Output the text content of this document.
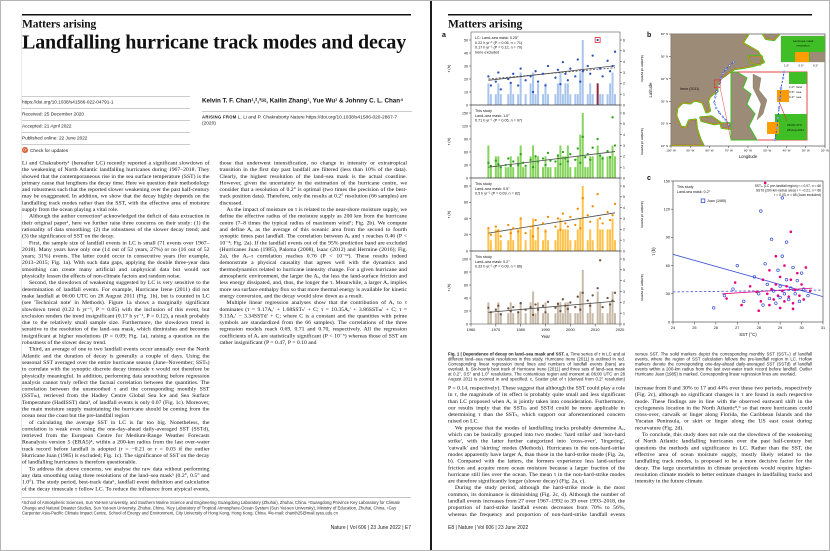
Matters arising
Landfalling hurricane track modes and decay
https://doi.org/10.1038/s41586-022-04791-1
Received: 25 December 2020
Accepted: 21 April 2022
Published online: 22 June 2022
⟳ Check for updates
Kelvin T. F. Chan¹,²,³✉, Kailin Zhang¹, Yue Wu¹ & Johnny C. L. Chan⁴
ARISING FROM L. Li and P. Chakraborty Nature https://doi.org/10.1038/s41586-020-2867-7 (2020)

Li and Chakraborty¹ (hereafter LC) recently reported a significant slowdown of the weakening of North Atlantic landfalling hurricanes during 1967–2018. They showed that the contemporaneous rise in the sea surface temperature (SST) is the primary cause that lengthens the decay time. Here we question their methodology and robustness such that the reported slower weakening over the past half-century may be exaggerated. In addition, we show that the decay highly depends on the landfalling track modes rather than the SST, with the effective area of moisture supply from the ocean playing a vital role.

Although the author correction² acknowledged the deficit of data extraction in their original paper¹, here we further raise three concerns on their study: (1) the rationality of data smoothing; (2) the robustness of the slower decay trend; and (3) the significance of SST on the decay.

First, the sample size of landfall events in LC is small (71 events over 1967–2018). Many years have only one (14 out of 52 years, 27%) or no (16 out of 52 years; 31%) events. The latter could occur in consecutive years (for example, 2013–2015; Fig. 1a). With such data gaps, applying the double three-year data smoothing can create many artificial and unphysical data but would not physically lessen the effects of non-climate factors and random noise.

Second, the slowdown of weakening suggested by LC is very sensitive to the determination of landfall events. For example, Hurricane Irene (2011) did not make landfall at 06:00 UTC on 28 August 2011 (Fig. 1b), but is counted in LC (see 'Technical note' in Methods). Figure 1a shows a marginally significant slowdown trend (0.22 h yr⁻¹, P = 0.05) with the inclusion of this event, but exclusion renders the trend insignificant (0.17 h yr⁻¹, P = 0.12), a result probably due to the relatively small sample size. Furthermore, the slowdown trend is sensitive to the resolution of the land–sea mask, which diminishes and becomes insignificant at higher resolutions (P = 0.09; Fig. 1a), raising a question on the robustness of the slower decay trend.

Third, an average of one to two landfall events occur annually over the North Atlantic and the duration of decay is generally a couple of days. Using the seasonal SST averaged over the entire hurricane season (June–November; SSTₛ) to correlate with the synoptic discrete decay timescale τ would not therefore be physically meaningful. In addition, performing data smoothing before regression analysis cannot truly reflect the factual correlation between the quantities. The correlation between the unsmoothed τ and the corresponding monthly SST (SSTₘ), retrieved from the Hadley Centre Global Sea Ice and Sea Surface Temperature (HadISST) data³, of landfall events is only 0.07 (Fig. 1c). Moreover, the main moisture supply maintaining the hurricane should be coming from the ocean near the coast but the pre-landfall region

of calculating the average SST in LC is far too big. Nonetheless, the correlation is weak even using the one-day-ahead daily-averaged SST (SSTd), retrieved from the European Centre for Medium-Range Weather Forecasts Reanalysis version 5 (ERA5)⁴, within a 200-km radius from the last over-water track record before landfall is adopted (r = −0.21 or r = 0.03 if the outlier Hurricane Juan (1985) is excluded; Fig. 1c). The significance of SST on the decay of landfalling hurricanes is therefore questionable.

To address the above concerns, we analyse the raw data without performing any data smoothing using three resolutions of the land–sea mask⁵ (0.2°, 0.5° and 1.0°). The study period, best-track data⁶, landfall event definition and calculation of the decay timescale τ follow LC. To reduce the influence from atypical events, those that underwent intensification, no change in intensity or extratropical transition in the first day past landfall are filtered (less than 10% of the data). Clearly, the highest resolution of the land–sea mask is the actual coastline. However, given the uncertainty in the estimation of the hurricane centre, we consider that a resolution of 0.2° is optimal (two times the precision of the best-track position data). Therefore, only the results at 0.2° resolution (66 samples) are discussed.

As the impact of moisture on τ is related to the near-shore moisture supply, we define the effective radius of the moisture supply as 200 km from the hurricane centre (7–8 times the typical radius of maximum wind⁷; Fig. 2b). We compute and define Aₑ as the average of this oceanic area from the second to fourth synoptic times past landfall. The correlation between Aₑ and τ reaches 0.46 (P < 10⁻⁴; Fig. 2a). If the landfall events out of the 95% prediction band are excluded (Hurricanes Juan (1985), Paloma (2008), Isaac (2012) and Hermine (2016); Fig. 2a), the Aₑ–τ correlation reaches 0.76 (P < 10⁻¹²). These results indeed demonstrate a physical causality that agrees well with the dynamics and thermodynamics related to hurricane intensity change. For a given hurricane and atmospheric environment, the larger the Aₑ, the less the land-surface friction and less energy dissipated, and, thus, the longer the τ. Meanwhile, a larger Aₑ implies more sea surface enthalpy flux so that more thermal energy is available for kinetic energy conversion, and the decay would slow down as a result.

Multiple linear regression analyses show that the contribution of Aₑ to τ dominates (τ = 9.17Aₑ′ + 1.68SSTₛ′ + C; τ = 10.35Aₑ′ + 3.86SSTₘ′ + C; τ = 9.13Aₑ′ − 3.34SSTd′ + C; where C is a constant and the quantities with prime symbols are standardized from the 66 samples). The correlations of the three regression models reach 0.69, 0.71 and 0.70, respectively. All the regression coefficients of Aₑ are statistically significant (P < 10⁻⁵) whereas those of SST are rather insignificant (P = 0.47, P = 0.10 and

¹School of Atmospheric Sciences, Sun Yat-sen University, and Southern Marine Science and Engineering Guangdong Laboratory (Zhuhai), Zhuhai, China. ²Guangdong Province Key Laboratory for Climate Change and Natural Disaster Studies, Sun Yat-sen University, Zhuhai, China. ³Key Laboratory of Tropical Atmosphere-Ocean System (Sun Yat-sen University), Ministry of Education, Zhuhai, China. ⁴Guy Carpenter Asia-Pacific Climate Impact Centre, School of Energy and Environment, City University of Hong Kong, Hong Kong, China. ✉e-mail: chanth25@mail.sysu.edu.cn
Nature | Vol 606 | 23 June 2022 | E7
Matters arising
a
0
10
20
30
40
50
0
1
2
3
4
5
6
LC: Land–sea mask: 0.25°
0.22 h yr⁻¹ (P = 0.05, n = 71)
0.17 h yr⁻¹ (P = 0.12, n = 70)
Irene excluded
τ (h)	Number of events
0
30
60
90
120
150
0
1
2
3
4
5
6
This study
Land–sea mask: 1.0°
0.71 h yr⁻¹ (P = 0.05, n = 97)
τ (h)	Number of events
0
20
40
60
80
0
1
2
3
4
5
6
This study
Land–sea mask: 0.5°
0.5 h yr⁻¹ (P = 0.09, n = 82)
τ (h)	Number of events
0
20
40
60
80
100
0
1
2
3
4
5
6
This study
Land–sea mask: 0.2°
0.33 h yr⁻¹ (P = 0.09, n = 66)
τ (h)	Number of events
1960	1970	1980	1990	2000	2010	2020
Year
b
Irene (2011)	1.0°: land
0.5°: sea
0.2°: sea
06:00 UTC
28 Aug 2011
Land-sea mask
resolution
1.0°	0.5°	0.2°
100° W	90° W	80° W	70° W	60° W	50° W	40° W	30° W	20° W
10° N
20° N
30° N
40° N
50° N
60° N
Longitude
Latitude
c
Juan (1985)
This study
Land-sea mask: 0.2°
SSTₘ (LC pre-landfall region) r = 0.07, n = 66
SSTd (200-km-radius area) r = −0.21, n = 66
r = 0.03, n = 65 (Juan excluded)
24	25	26	27	28	29	30	31
0
30
60
90
120
150
SST (°C)
τ (h)
Fig. 1 | Dependence of decay on land–sea mask and SST. a, Time series of τ in LC and at different land–sea mask resolutions in this study. Hurricane Irene (2011) is outlined in red. Corresponding linear regression trend lines and numbers of landfall events (bars) are overlaid. b, Six-hourly best track of Hurricane Irene (2011) and three sets of land–sea mask at 0.2°, 0.5° and 1.0° resolutions. The contentious region and moment at 06:00 UTC on 28 August 2011 is zoomed in and specified. c, Scatter plot of τ (derived from 0.2° resolution) versus SST. The solid markers depict the corresponding monthly SST (SSTₘ) of landfall events, where the region of SST calculation follows the pre-landfall region in LC. Hollow markers denote the corresponding one-day-ahead daily-averaged SST (SSTd) of landfall events within a 200-km radius from the last over-water track record before landfall. Outlier Hurricane Juan (1985) is marked. Corresponding linear regression lines are overlaid.

P = 0.14, respectively). These suggest that although the SST could play a role in τ, the magnitude of its effect is probably quite small and less significant than LC proposed when Aₑ is jointly taken into consideration. Furthermore, our results imply that the SSTₘ and SSTd could be more applicable in determining τ than the SSTₛ, which support our aforementioned concern raised on LC.

We propose that the modes of landfalling tracks probably determine Aₑ, which can be basically grouped into two modes: 'hard strike' and 'non-hard strike', with the latter further categorized into 'cross-over', 'lingering', 'catwalk' and 'skirting' modes (Methods). Hurricanes in the non-hard-strike modes apparently have larger Aₑ than those in the hard-strike mode (Fig. 2a, b). Compared with the latters, the formers experience less land-surface friction and acquire more ocean moisture because a larger fraction of the hurricane still lies over the ocean. The mean τ in the non-hard-strike modes are therefore significantly longer (slower decay) (Fig. 2a, c).

During the study period, although the hard-strike mode is the most common, its dominance is diminishing (Fig. 2c, d). Although the number of landfall events increases from 27 over 1967–1992 to 39 over 1993–2018, the proportion of hard-strike landfall events decreases from 70% to 56%, whereas the frequency and proportion of non-hard-strike landfall events increase from 8 and 30% to 17 and 44% over these two periods, respectively (Fig. 2c), although no significant changes in τ are found in each respective mode. These findings are in line with the observed eastward shift in the cyclogenesis location in the North Atlantic⁸,⁹ so that more hurricanes could cross-over, catwalk or linger along Florida, the Caribbean Islands and the Yucatan Peninsula, or skirt or linger along the US east coast during recurvature (Fig. 2d).

To conclude, this study does not rule out the slowdown of the weakening of North Atlantic landfalling hurricanes over the past half-century but questions the methods and significance in LC. Rather than the SST, the effective area of ocean moisture supply, mostly likely related to the landfalling track modes, is proposed to be a more decisive factor for the decay. The large uncertainties in climate projections would require higher-resolution climate models to better estimate changes in landfalling tracks and intensity in the future climate.

E8 | Nature | Vol 606 | 23 June 2022
